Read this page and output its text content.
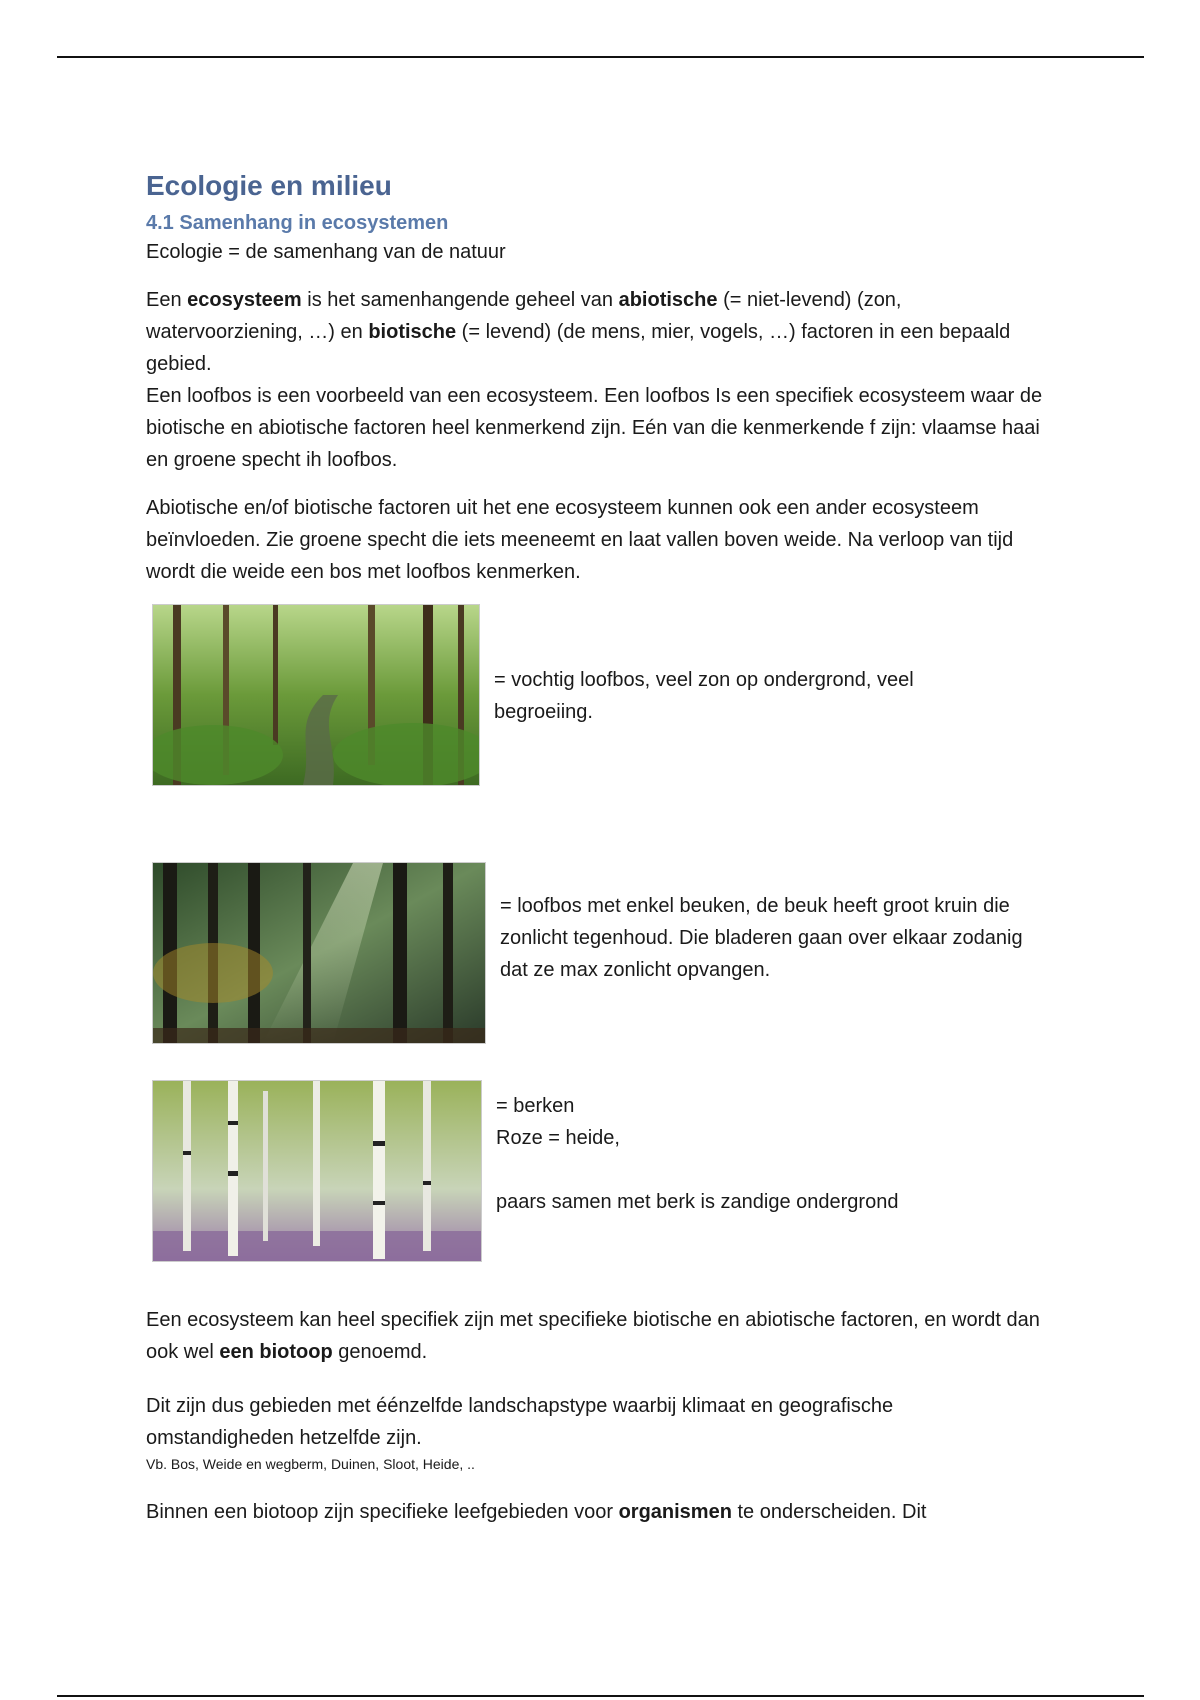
Ecologie en milieu
4.1 Samenhang in ecosystemen

Ecologie = de samenhang van de natuur

Een ecosysteem is het samenhangende geheel van abiotische (= niet-levend) (zon, watervoorziening, …) en biotische (= levend) (de mens, mier, vogels, …) factoren in een bepaald gebied.

Een loofbos is een voorbeeld van een ecosysteem. Een loofbos Is een specifiek ecosysteem waar de biotische en abiotische factoren heel kenmerkend zijn. Eén van die kenmerkende f zijn: vlaamse haai en groene specht ih loofbos.

Abiotische en/of biotische factoren uit het ene ecosysteem kunnen ook een ander ecosysteem beïnvloeden. Zie groene specht die iets meeneemt en laat vallen boven weide. Na verloop van tijd wordt die weide een bos met loofbos kenmerken.

= vochtig loofbos, veel zon op ondergrond, veel begroeiing.

= loofbos met enkel beuken, de beuk heeft groot kruin die zonlicht tegenhoud. Die bladeren gaan over elkaar zodanig dat ze max zonlicht opvangen.

= berken

Roze = heide,

paars samen met berk is zandige ondergrond

Een ecosysteem kan heel specifiek zijn met specifieke biotische en abiotische factoren, en wordt dan ook wel een biotoop genoemd.

Dit zijn dus gebieden met éénzelfde landschapstype waarbij klimaat en geografische omstandigheden hetzelfde zijn.

Vb. Bos, Weide en wegberm, Duinen, Sloot, Heide, ..

Binnen een biotoop zijn specifieke leefgebieden voor organismen te onderscheiden. Dit
